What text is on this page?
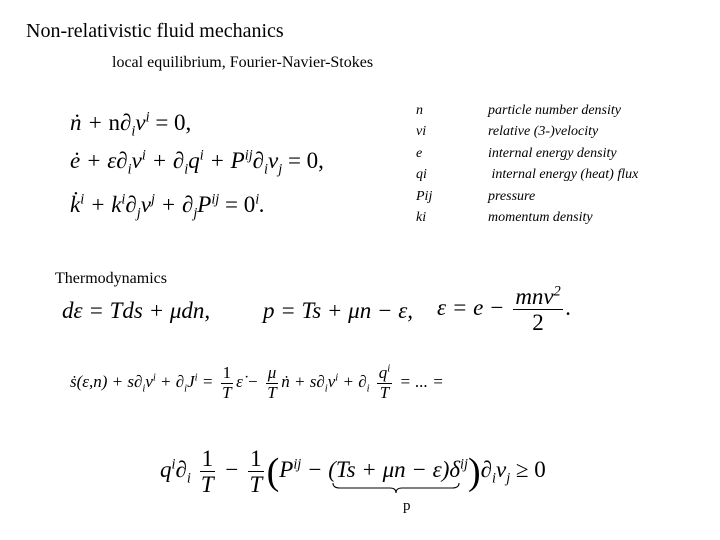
Non-relativistic fluid mechanics
local equilibrium, Fourier-Navier-Stokes
ṅ + $n\partial_iv^i = 0$,
ė + $\varepsilon\partial_iv^i + \partial_iq^i + P^{ij}\partial_iv_j = 0$,
k̇$^i$ + $k^i\partial_jv^j + \partial_jP^{ij} = 0^i$.
n
vi
e
qi
Pij
ki
particle number density
relative (3-)velocity
internal energy density
internal energy (heat) flux
pressure
momentum density
Thermodynamics
dε = Tds + μdn, p = Ts + μn − ε, $\varepsilon = e - \frac{mnv^2}{2}$ .
ṡ(ε,n) + $s\partial_iv^i + \partial_iJ^i = \frac{1}{T}$ ε̇ − $\frac{\mu}{T}$ ṅ + $s\partial_iv^i + \partial_i \frac{q^i}{T}$ = ... =
$q^i\partial_i \frac{1}{T} - \frac{1}{T} (P^{ij} - (Ts + \mu n - \varepsilon)\delta^{ij})\partial_iv_j \ge 0$
p
